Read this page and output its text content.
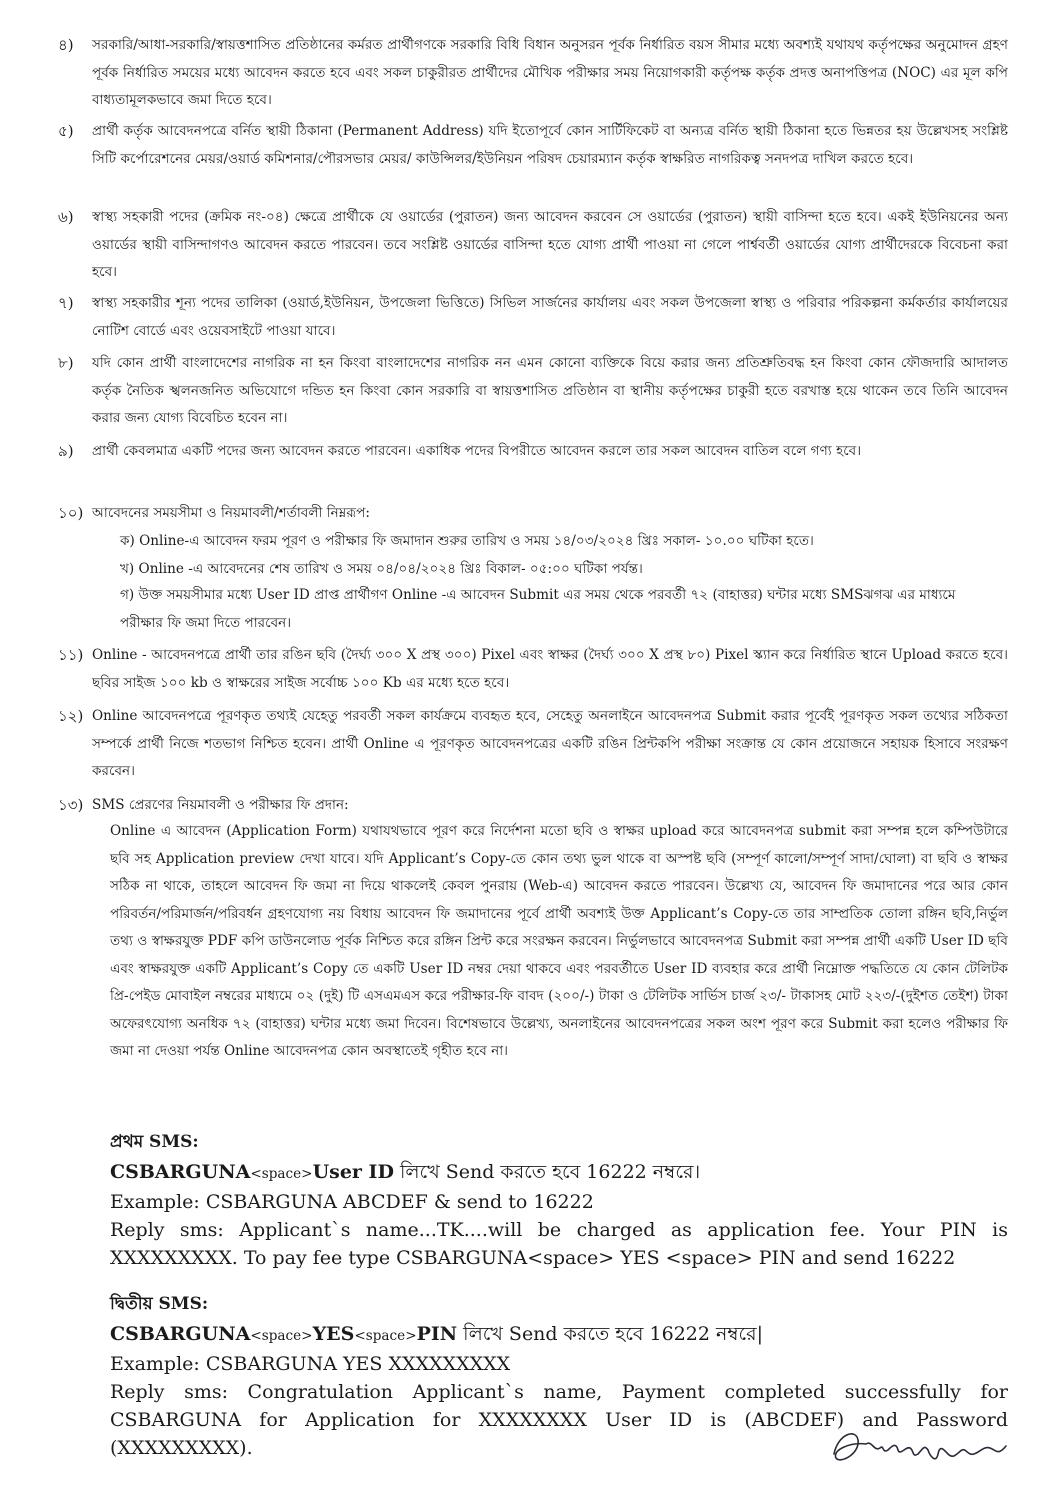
৪)	সরকারি/আধা-সরকারি/স্বায়ত্তশাসিত প্রতিষ্ঠানের কর্মরত প্রার্থীগণকে সরকারি বিধি বিধান অনুসরন পূর্বক নির্ধারিত বয়স সীমার মধ্যে অবশ্যই যথাযথ কর্তৃপক্ষের অনুমোদন গ্রহণ পূর্বক নির্ধারিত সময়ের মধ্যে আবেদন করতে হবে এবং সকল চাকুরীরত প্রার্থীদের মৌখিক পরীক্ষার সময় নিয়োগকারী কর্তৃপক্ষ কর্তৃক প্রদত্ত অনাপত্তিপত্র (NOC) এর মূল কপি বাধ্যতামূলকভাবে জমা দিতে হবে।
৫)	প্রার্থী কর্তৃক আবেদনপত্রে বর্নিত স্থায়ী ঠিকানা (Permanent Address) যদি ইতোপূর্বে কোন সার্টিফিকেট বা অন্যত্র বর্নিত স্থায়ী ঠিকানা হতে ভিন্নতর হয় উল্লেখসহ সংশ্লিষ্ট সিটি কর্পোরেশনের মেয়র/ওয়ার্ড কমিশনার/পৌরসভার মেয়র/ কাউন্সিলর/ইউনিয়ন পরিষদ চেয়ারম্যান কর্তৃক স্বাক্ষরিত নাগরিকত্ব সনদপত্র দাখিল করতে হবে।
৬)	স্বাস্থ্য সহকারী পদের (ক্রমিক নং-০৪) ক্ষেত্রে প্রার্থীকে যে ওয়ার্ডের (পুরাতন) জন্য আবেদন করবেন সে ওয়ার্ডের (পুরাতন) স্থায়ী বাসিন্দা হতে হবে। একই ইউনিয়নের অন্য ওয়ার্ডের স্থায়ী বাসিন্দাগণও আবেদন করতে পারবেন। তবে সংশ্লিষ্ট ওয়ার্ডের বাসিন্দা হতে যোগ্য প্রার্থী পাওয়া না গেলে পার্শ্ববর্তী ওয়ার্ডের যোগ্য প্রার্থীদেরকে বিবেচনা করা হবে।
৭)	স্বাস্থ্য সহকারীর শূন্য পদের তালিকা (ওয়ার্ড,ইউনিয়ন, উপজেলা ভিত্তিতে) সিভিল সার্জনের কার্যালয় এবং সকল উপজেলা স্বাস্থ্য ও পরিবার পরিকল্পনা কর্মকর্তার কার্যালয়ের নোটিশ বোর্ডে এবং ওয়েবসাইটে পাওয়া যাবে।
৮)	যদি কোন প্রার্থী বাংলাদেশের নাগরিক না হন কিংবা বাংলাদেশের নাগরিক নন এমন কোনো ব্যক্তিকে বিয়ে করার জন্য প্রতিশ্রুতিবদ্ধ হন কিংবা কোন ফৌজদারি আদালত কর্তৃক নৈতিক স্খলনজনিত অভিযোগে দন্ডিত হন কিংবা কোন সরকারি বা স্বায়ত্তশাসিত প্রতিষ্ঠান বা স্থানীয় কর্তৃপক্ষের চাকুরী হতে বরখাস্ত হয়ে থাকেন তবে তিনি আবেদন করার জন্য যোগ্য বিবেচিত হবেন না।
৯)	প্রার্থী কেবলমাত্র একটি পদের জন্য আবেদন করতে পারবেন। একাধিক পদের বিপরীতে আবেদন করলে তার সকল আবেদন বাতিল বলে গণ্য হবে।
১০) আবেদনের সময়সীমা ও নিয়মাবলী/শর্তাবলী নিম্নরূপ:
ক) Online-এ আবেদন ফরম পূরণ ও পরীক্ষার ফি জমাদান শুরুর তারিখ ও সময় ১৪/০৩/২০২৪ খ্রিঃ সকাল- ১০.০০ ঘটিকা হতে।
খ) Online -এ আবেদনের শেষ তারিখ ও সময় ০৪/০৪/২০২৪ খ্রিঃ বিকাল- ০৫:০০ ঘটিকা পর্যন্ত।
গ) উক্ত সময়সীমার মধ্যে User ID প্রাপ্ত প্রার্থীগণ Online -এ আবেদন Submit এর সময় থেকে পরবর্তী ৭২ (বাহাত্তর) ঘন্টার মধ্যে SMSঝগঝ এর মাধ্যমে পরীক্ষার ফি জমা দিতে পারবেন।
১১) Online - আবেদনপত্রে প্রার্থী তার রঙিন ছবি (দৈর্ঘ্য ৩০০ X প্রস্থ ৩০০) Pixel এবং স্বাক্ষর (দৈর্ঘ্য ৩০০ X প্রস্থ ৮০) Pixel স্ক্যান করে নির্ধারিত স্থানে Upload করতে হবে। ছবির সাইজ ১০০ kb ও স্বাক্ষরের সাইজ সর্বোচ্চ ১০০ Kb এর মধ্যে হতে হবে।
১২) Online আবেদনপত্রে পূরণকৃত তথ্যই যেহেতু পরবর্তী সকল কার্যক্রমে ব্যবহৃত হবে, সেহেতু অনলাইনে আবেদনপত্র Submit করার পূর্বেই পূরণকৃত সকল তথ্যের সঠিকতা সম্পর্কে প্রার্থী নিজে শতভাগ নিশ্চিত হবেন। প্রার্থী Online এ পূরণকৃত আবেদনপত্রের একটি রঙিন প্রিন্টকপি পরীক্ষা সংক্রান্ত যে কোন প্রয়োজনে সহায়ক হিসাবে সংরক্ষণ করবেন।
১৩) SMS প্রেরণের নিয়মাবলী ও পরীক্ষার ফি প্রদান:
Online এ আবেদন (Application Form) যথাযথভাবে পূরণ করে নির্দেশনা মতো ছবি ও স্বাক্ষর upload করে আবেদনপত্র submit করা সম্পন্ন হলে কম্পিউটারে ছবি সহ Application preview দেখা যাবে। যদি Applicant’s Copy-তে কোন তথ্য ভুল থাকে বা অস্পষ্ট ছবি (সম্পূর্ণ কালো/সম্পূর্ণ সাদা/ঘোলা) বা ছবি ও স্বাক্ষর সঠিক না থাকে, তাহলে আবেদন ফি জমা না দিয়ে থাকলেই কেবল পুনরায় (Web-এ) আবেদন করতে পারবেন। উল্লেখ্য যে, আবেদন ফি জমাদানের পরে আর কোন পরিবর্তন/পরিমার্জন/পরিবর্ধন গ্রহণযোগ্য নয় বিধায় আবেদন ফি জমাদানের পূর্বে প্রার্থী অবশ্যই উক্ত Applicant’s Copy-তে তার সাম্প্রতিক তোলা রঙ্গিন ছবি,নির্ভুল তথ্য ও স্বাক্ষরযুক্ত PDF কপি ডাউনলোড পূর্বক নিশ্চিত করে রঙ্গিন প্রিন্ট করে সংরক্ষন করবেন। নির্ভুলভাবে আবেদনপত্র Submit করা সম্পন্ন প্রার্থী একটি User ID ছবি এবং স্বাক্ষরযুক্ত একটি Applicant’s Copy তে একটি User ID নম্বর দেয়া থাকবে এবং পরবর্তীতে User ID ব্যবহার করে প্রার্থী নিম্নোক্ত পদ্ধতিতে যে কোন টেলিটক প্রি-পেইড মোবাইল নম্বরের মাধ্যমে ০২ (দুই) টি এসএমএস করে পরীক্ষার-ফি বাবদ (২০০/-) টাকা ও টেলিটক সার্ভিস চার্জ ২৩/- টাকাসহ মোট ২২৩/-(দুইশত তেইশ) টাকা অফেরৎযোগ্য অনধিক ৭২ (বাহাত্তর) ঘন্টার মধ্যে জমা দিবেন। বিশেষভাবে উল্লেখ্য, অনলাইনের আবেদনপত্রের সকল অংশ পূরণ করে Submit করা হলেও পরীক্ষার ফি জমা না দেওয়া পর্যন্ত Online আবেদনপত্র কোন অবস্থাতেই গৃহীত হবে না।
প্রথম SMS:
CSBARGUNA<space>User ID লিখে Send করতে হবে 16222 নম্বরে।
Example: CSBARGUNA ABCDEF & send to 16222
Reply sms: Applicant`s name...TK....will be charged as application fee. Your PIN is XXXXXXXXX. To pay fee type CSBARGUNA<space> YES <space> PIN and send 16222
দ্বিতীয় SMS:
CSBARGUNA<space>YES<space>PIN লিখে Send করতে হবে 16222 নম্বরে|
Example: CSBARGUNA YES XXXXXXXXX
Reply sms: Congratulation Applicant`s name, Payment completed successfully for CSBARGUNA for Application for XXXXXXXX User ID is (ABCDEF) and Password (XXXXXXXXX).
